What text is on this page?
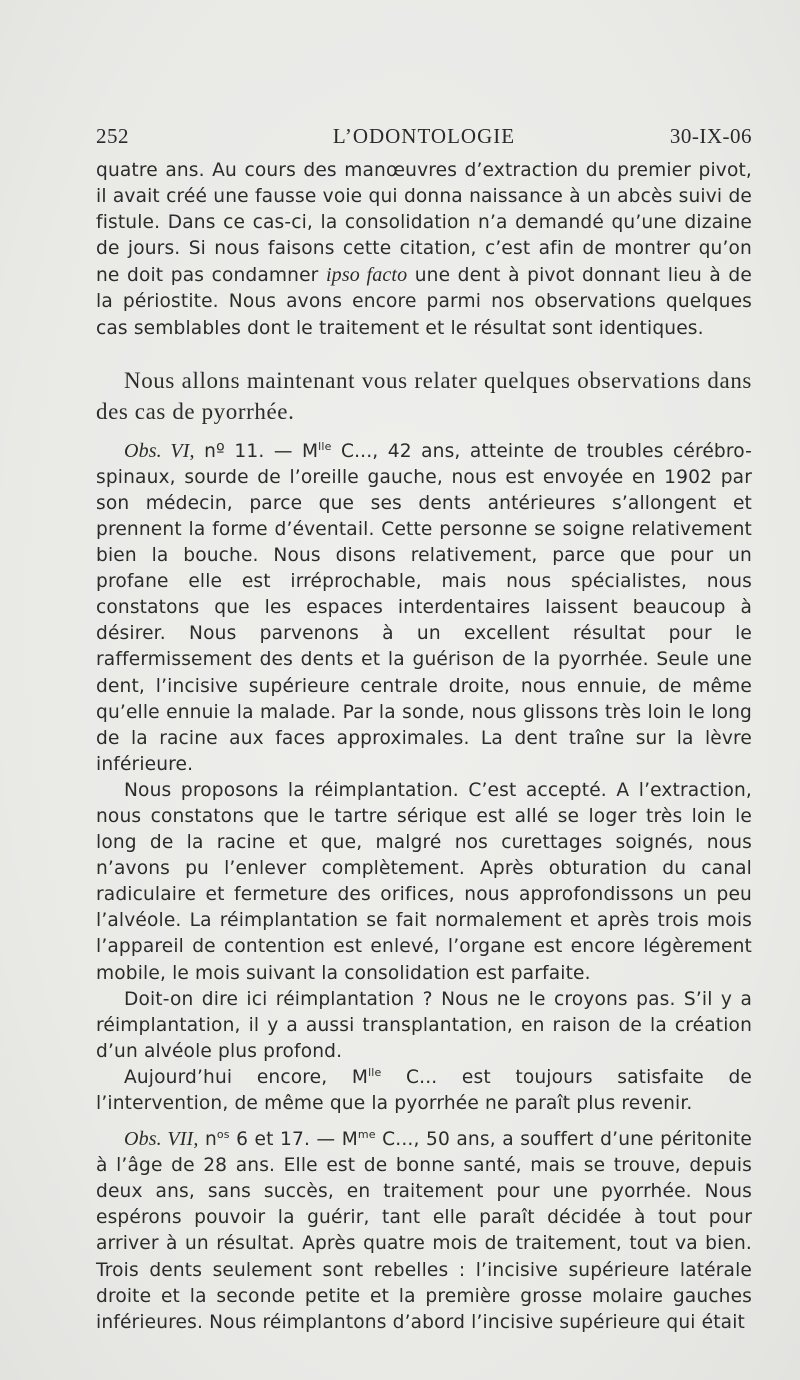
252	L’ODONTOLOGIE	30-IX-06

quatre ans. Au cours des manœuvres d’extraction du premier pivot, il avait créé une fausse voie qui donna naissance à un abcès suivi de fistule. Dans ce cas-ci, la consolidation n’a demandé qu’une dizaine de jours. Si nous faisons cette citation, c’est afin de montrer qu’on ne doit pas condamner ipso facto une dent à pivot donnant lieu à de la périostite. Nous avons encore parmi nos observations quelques cas semblables dont le traitement et le résultat sont identiques.

Nous allons maintenant vous relater quelques observations dans des cas de pyorrhée.

Obs. VI, nº 11. — $M^{lle}$ C..., 42 ans, atteinte de troubles cérébro-spinaux, sourde de l’oreille gauche, nous est envoyée en 1902 par son médecin, parce que ses dents antérieures s’allongent et prennent la forme d’éventail. Cette personne se soigne relativement bien la bouche. Nous disons relativement, parce que pour un profane elle est irréprochable, mais nous spécialistes, nous constatons que les espaces interdentaires laissent beaucoup à désirer. Nous parvenons à un excellent résultat pour le raffermissement des dents et la guérison de la pyorrhée. Seule une dent, l’incisive supérieure centrale droite, nous ennuie, de même qu’elle ennuie la malade. Par la sonde, nous glissons très loin le long de la racine aux faces approximales. La dent traîne sur la lèvre inférieure.

Nous proposons la réimplantation. C’est accepté. A l’extraction, nous constatons que le tartre sérique est allé se loger très loin le long de la racine et que, malgré nos curettages soignés, nous n’avons pu l’enlever complètement. Après obturation du canal radiculaire et fermeture des orifices, nous approfondissons un peu l’alvéole. La réimplantation se fait normalement et après trois mois l’appareil de contention est enlevé, l’organe est encore légèrement mobile, le mois suivant la consolidation est parfaite.

Doit-on dire ici réimplantation ? Nous ne le croyons pas. S’il y a réimplantation, il y a aussi transplantation, en raison de la création d’un alvéole plus profond.

Aujourd’hui encore, $M^{lle}$ C... est toujours satisfaite de l’intervention, de même que la pyorrhée ne paraît plus revenir.

Obs. VII, $n^{os}$ 6 et 17. — $M^{me}$ C..., 50 ans, a souffert d’une péritonite à l’âge de 28 ans. Elle est de bonne santé, mais se trouve, depuis deux ans, sans succès, en traitement pour une pyorrhée. Nous espérons pouvoir la guérir, tant elle paraît décidée à tout pour arriver à un résultat. Après quatre mois de traitement, tout va bien. Trois dents seulement sont rebelles : l’incisive supérieure latérale droite et la seconde petite et la première grosse molaire gauches inférieures. Nous réimplantons d’abord l’incisive supérieure qui était
